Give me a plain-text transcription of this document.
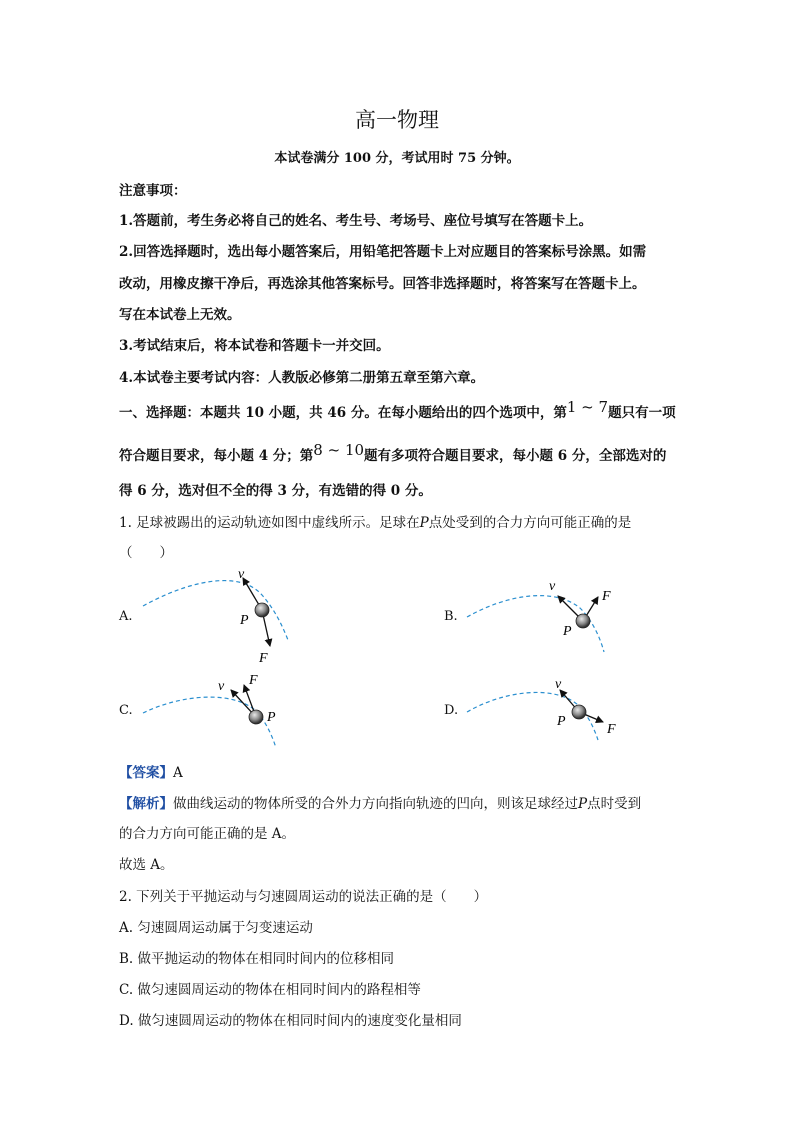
高一物理
本试卷满分 100 分，考试用时 75 分钟。
注意事项：
1.答题前，考生务必将自己的姓名、考生号、考场号、座位号填写在答题卡上。
2.回答选择题时，选出每小题答案后，用铅笔把答题卡上对应题目的答案标号涂黑。如需
改动，用橡皮擦干净后，再选涂其他答案标号。回答非选择题时，将答案写在答题卡上。
写在本试卷上无效。
3.考试结束后，将本试卷和答题卡一并交回。
4.本试卷主要考试内容：人教版必修第二册第五章至第六章。
一、选择题：本题共 10 小题，共 46 分。在每小题给出的四个选项中，第1 ~ 7题只有一项
符合题目要求，每小题 4 分；第8 ~ 10题有多项符合题目要求，每小题 6 分，全部选对的
得 6 分，选对但不全的得 3 分，有选错的得 0 分。
1. 足球被踢出的运动轨迹如图中虚线所示。足球在P点处受到的合力方向可能正确的是
（　　）
A.	B.
C.	D.
v
P
F
v
F
P
v F
P
v
P
F
【答案】A
【解析】做曲线运动的物体所受的合外力方向指向轨迹的凹向，则该足球经过P点时受到
的合力方向可能正确的是 A。
故选 A。
2. 下列关于平抛运动与匀速圆周运动的说法正确的是（　　）
A. 匀速圆周运动属于匀变速运动
B. 做平抛运动的物体在相同时间内的位移相同
C. 做匀速圆周运动的物体在相同时间内的路程相等
D. 做匀速圆周运动的物体在相同时间内的速度变化量相同
